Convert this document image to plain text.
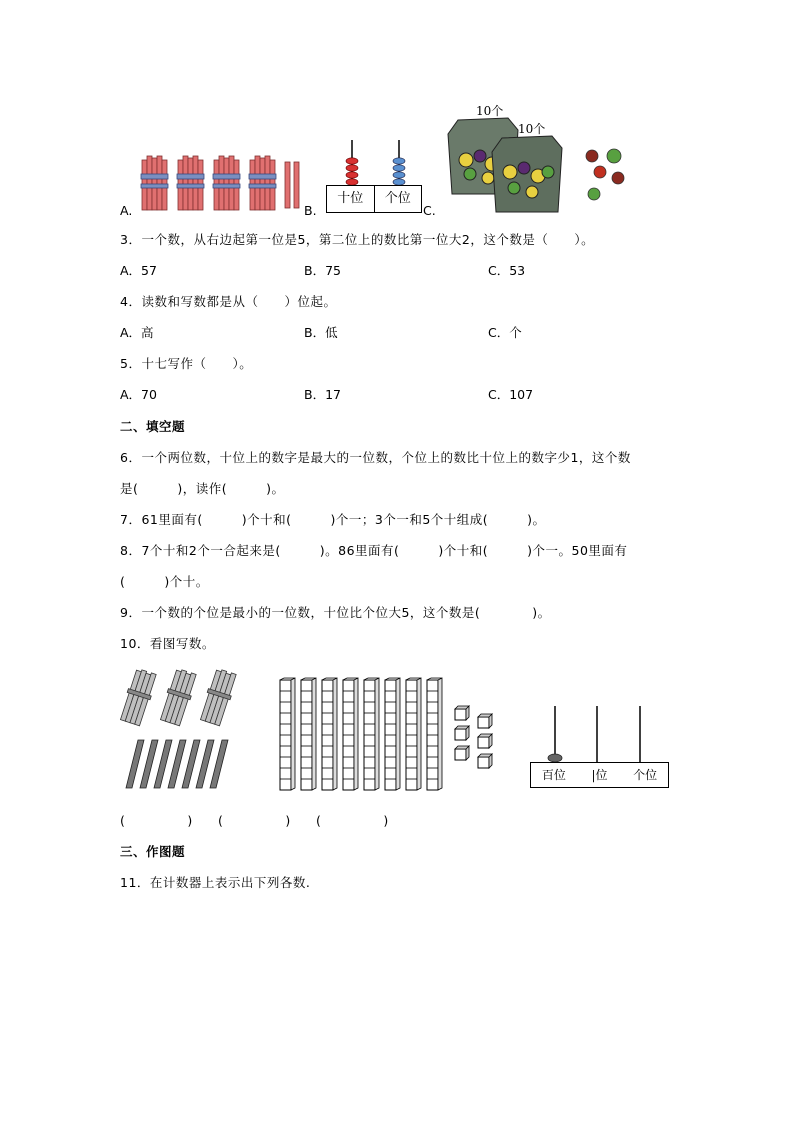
A.	B.	C.
十位	个位
10个
10个
3．一个数，从右边起第一位是5，第二位上的数比第一位大2，这个数是（　　）。
A．57	B．75	C．53
4．读数和写数都是从（　　）位起。
A．高	B．低	C．个
5．十七写作（　　）。
A．70	B．17	C．107
二、填空题
6．一个两位数，十位上的数字是最大的一位数，个位上的数比十位上的数字少1，这个数
是(　　　)，读作(　　　)。
7．61里面有(　　　)个十和(　　　)个一；3个一和5个十组成(　　　)。
8．7个十和2个一合起来是(　　　)。86里面有(　　　)个十和(　　　)个一。50里面有
(　　　)个十。
9．一个数的个位是最小的一位数，十位比个位大5，这个数是(　　　　)。
10．看图写数。
百位	|位	个位
(　　　　　) (　　　　　) (　　　　　)
三、作图题
11．在计数器上表示出下列各数.
